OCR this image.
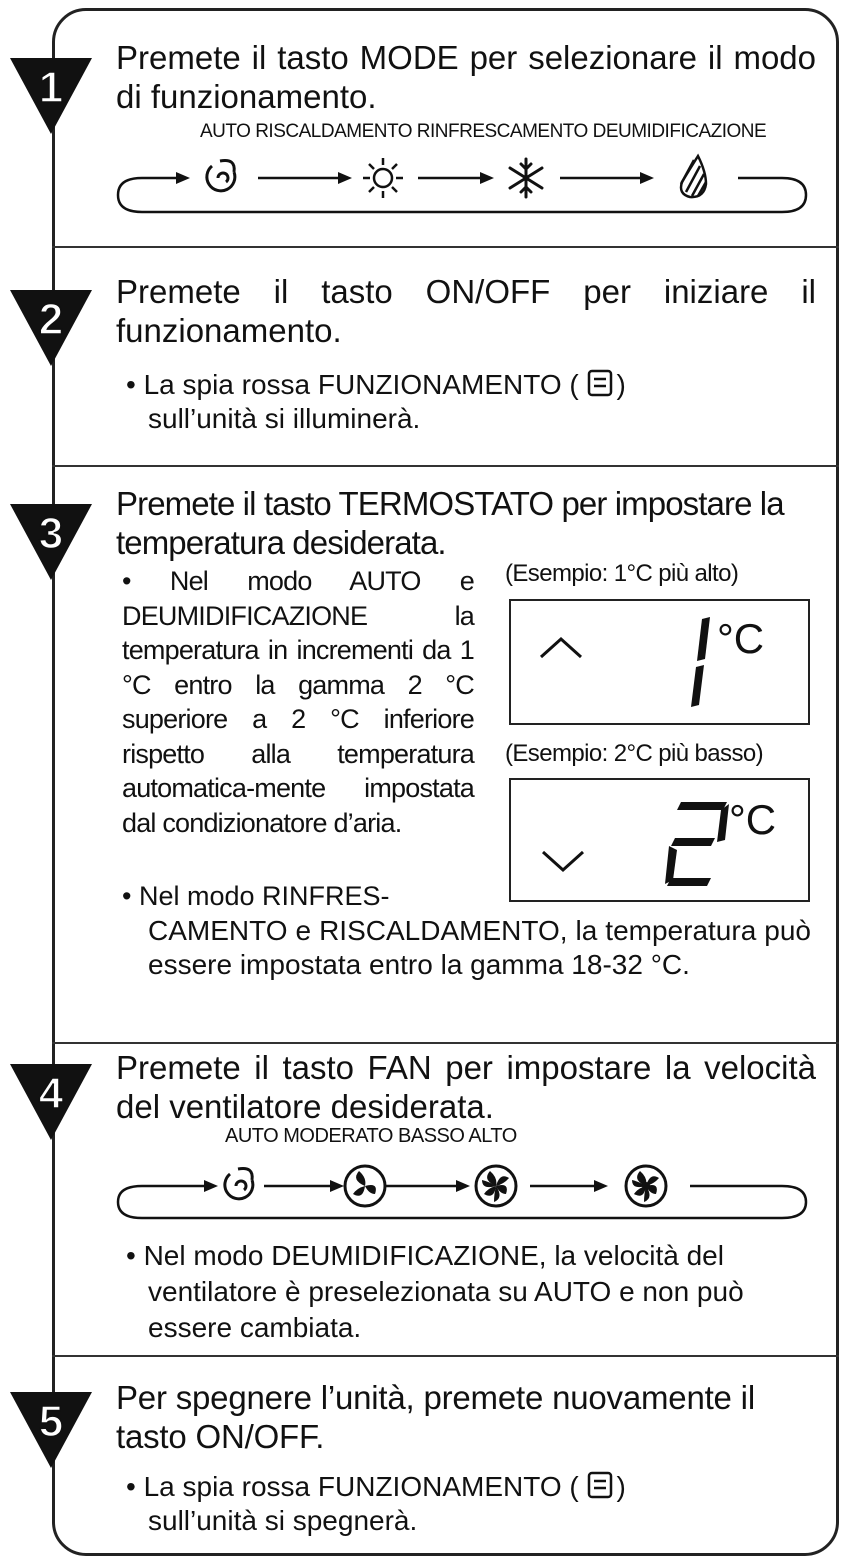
1
2
3
4
5

Premete il tasto MODE per selezionare il modo di funzionamento.

AUTO RISCALDAMENTO RINFRESCAMENTO DEUMIDIFICAZIONE

Premete il tasto ON/OFF per iniziare il funzionamento.

• La spia rossa FUNZIONAMENTO ( )
sull’unità si illuminerà.

Premete il tasto TERMOSTATO per impostare la temperatura desiderata.

• Nel modo AUTO e DEUMIDIFICAZIONE la temperatura in incrementi da 1 °C entro la gamma 2 °C superiore a 2 °C inferiore rispetto alla temperatura automatica-mente impostata dal condizionatore d’aria.

(Esempio: 1°C più alto)
°C
(Esempio: 2°C più basso)
°C
• Nel modo RINFRES-

CAMENTO e RISCALDAMENTO, la temperatura può essere impostata entro la gamma 18-32 °C.

Premete il tasto FAN per impostare la velocità del ventilatore desiderata.

AUTO MODERATO BASSO ALTO

• Nel modo DEUMIDIFICAZIONE, la velocità del ventilatore è preselezionata su AUTO e non può essere cambiata.

Per spegnere l’unità, premete nuovamente il tasto ON/OFF.

• La spia rossa FUNZIONAMENTO ( )
sull’unità si spegnerà.
